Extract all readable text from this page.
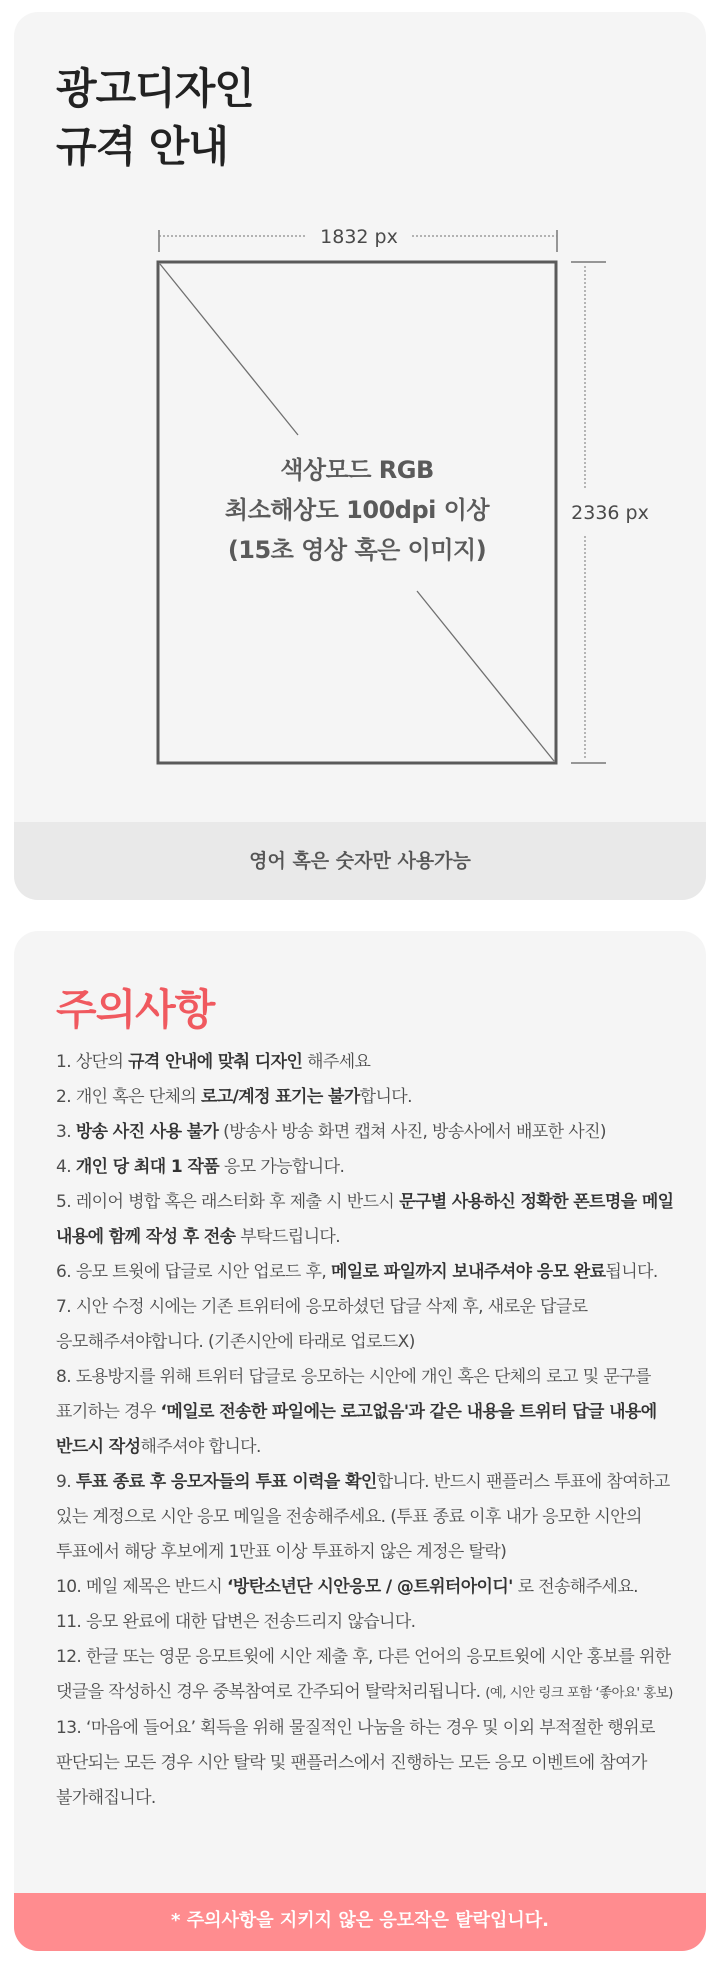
광고디자인
규격 안내
1832 px
2336 px
색상모드 RGB
최소해상도 100dpi 이상
(15초 영상 혹은 이미지)
영어 혹은 숫자만 사용가능
주의사항
1. 상단의 규격 안내에 맞춰 디자인 해주세요
2. 개인 혹은 단체의 로고/계정 표기는 불가합니다.
3. 방송 사진 사용 불가 (방송사 방송 화면 캡쳐 사진, 방송사에서 배포한 사진)
4. 개인 당 최대 1 작품 응모 가능합니다.
5. 레이어 병합 혹은 래스터화 후 제출 시 반드시 문구별 사용하신 정확한 폰트명을 메일 내용에 함께 작성 후 전송 부탁드립니다.
6. 응모 트윗에 답글로 시안 업로드 후, 메일로 파일까지 보내주셔야 응모 완료됩니다.
7. 시안 수정 시에는 기존 트위터에 응모하셨던 답글 삭제 후, 새로운 답글로 응모해주셔야합니다. (기존시안에 타래로 업로드X)
8. 도용방지를 위해 트위터 답글로 응모하는 시안에 개인 혹은 단체의 로고 및 문구를 표기하는 경우 ‘메일로 전송한 파일에는 로고없음'과 같은 내용을 트위터 답글 내용에 반드시 작성해주셔야 합니다.
9. 투표 종료 후 응모자들의 투표 이력을 확인합니다. 반드시 팬플러스 투표에 참여하고 있는 계정으로 시안 응모 메일을 전송해주세요. (투표 종료 이후 내가 응모한 시안의 투표에서 해당 후보에게 1만표 이상 투표하지 않은 계정은 탈락)
10. 메일 제목은 반드시 ‘방탄소년단 시안응모 / @트위터아이디' 로 전송해주세요.
11. 응모 완료에 대한 답변은 전송드리지 않습니다.
12. 한글 또는 영문 응모트윗에 시안 제출 후, 다른 언어의 응모트윗에 시안 홍보를 위한 댓글을 작성하신 경우 중복참여로 간주되어 탈락처리됩니다. (예, 시안 링크 포함 ‘좋아요' 홍보)
13. ‘마음에 들어요’ 획득을 위해 물질적인 나눔을 하는 경우 및 이외 부적절한 행위로 판단되는 모든 경우 시안 탈락 및 팬플러스에서 진행하는 모든 응모 이벤트에 참여가 불가해집니다.
* 주의사항을 지키지 않은 응모작은 탈락입니다.
